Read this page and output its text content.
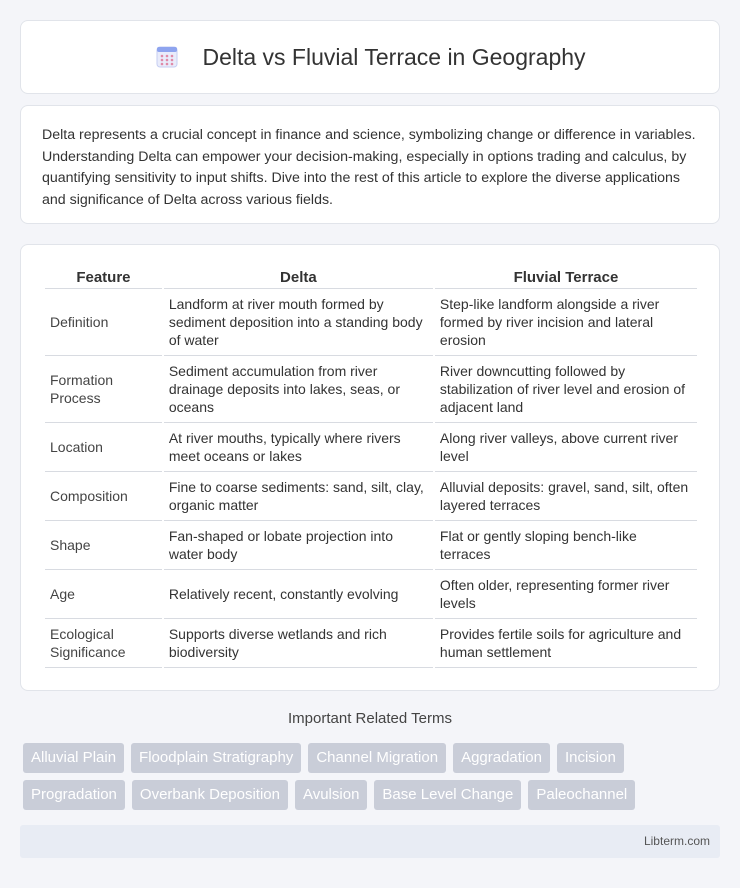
Delta vs Fluvial Terrace in Geography

Delta represents a crucial concept in finance and science, symbolizing change or difference in variables. Understanding Delta can empower your decision-making, especially in options trading and calculus, by quantifying sensitivity to input shifts. Dive into the rest of this article to explore the diverse applications and significance of Delta across various fields.

Feature	Delta	Fluvial Terrace
Definition	Landform at river mouth formed by sediment deposition into a standing body of water	Step-like landform alongside a river formed by river incision and lateral erosion
Formation Process	Sediment accumulation from river drainage deposits into lakes, seas, or oceans	River downcutting followed by stabilization of river level and erosion of adjacent land
Location	At river mouths, typically where rivers meet oceans or lakes	Along river valleys, above current river level
Composition	Fine to coarse sediments: sand, silt, clay, organic matter	Alluvial deposits: gravel, sand, silt, often layered terraces
Shape	Fan-shaped or lobate projection into water body	Flat or gently sloping bench-like terraces
Age	Relatively recent, constantly evolving	Often older, representing former river levels
Ecological Significance	Supports diverse wetlands and rich biodiversity	Provides fertile soils for agriculture and human settlement
Important Related Terms
Alluvial Plain	Floodplain Stratigraphy	Channel Migration	Aggradation	Incision
Progradation	Overbank Deposition	Avulsion	Base Level Change	Paleochannel
Libterm.com
